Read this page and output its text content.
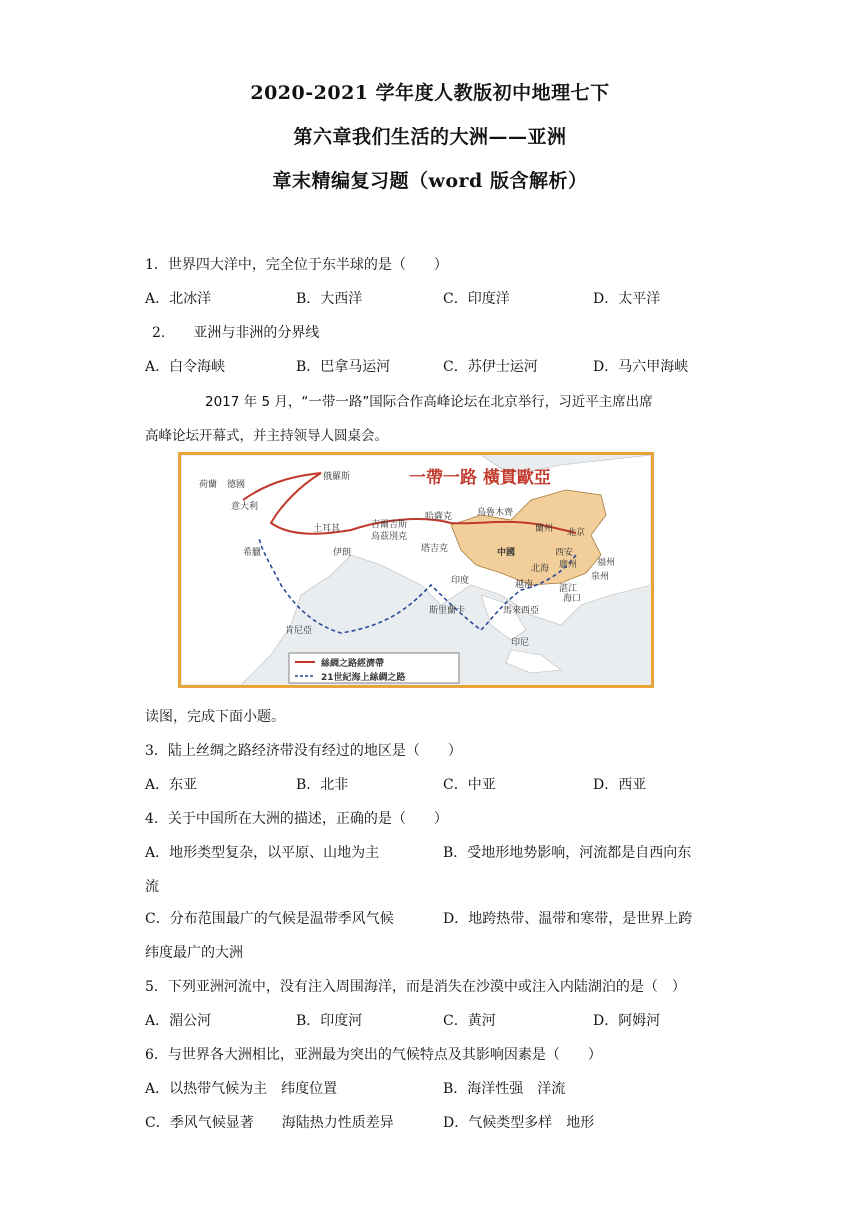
2020-2021 学年度人教版初中地理七下
第六章我们生活的大洲——亚洲
章末精编复习题（word 版含解析）
1．世界四大洋中，完全位于东半球的是（　　）
A．北冰洋	B．大西洋	C．印度洋	D．太平洋
2.　　亚洲与非洲的分界线
A．白令海峡	B．巴拿马运河	C．苏伊士运河	D．马六甲海峡
2017 年 5 月，“一带一路”国际合作高峰论坛在北京举行，习近平主席出席
高峰论坛开幕式，并主持领导人圆桌会。
一帶一路 橫貫歐亞
俄羅斯
荷蘭 德國
意大利
希臘
土耳其
伊朗
吉爾吉斯
烏茲別克
哈薩克
塔吉克
烏魯木齊
蘭州 北京
西安
中國
印度
斯里蘭卡
越南
北海 廣州
泉州
福州
湛江
海口
馬來西亞
印尼
肯尼亞
絲綢之路經濟帶
21世紀海上絲綢之路
读图，完成下面小题。
3．陆上丝绸之路经济带没有经过的地区是（　　）
A．东亚	B．北非	C．中亚	D．西亚
4．关于中国所在大洲的描述，正确的是（　　）
A．地形类型复杂，以平原、山地为主	B．受地形地势影响，河流都是自西向东
流
C．分布范围最广的气候是温带季风气候	D．地跨热带、温带和寒带，是世界上跨
纬度最广的大洲
5．下列亚洲河流中，没有注入周围海洋，而是消失在沙漠中或注入内陆湖泊的是（　）
A．湄公河	B．印度河	C．黄河	D．阿姆河
6．与世界各大洲相比，亚洲最为突出的气候特点及其影响因素是（　　）
A．以热带气候为主　纬度位置	B．海洋性强　洋流
C．季风气候显著　　海陆热力性质差异	D．气候类型多样　地形
